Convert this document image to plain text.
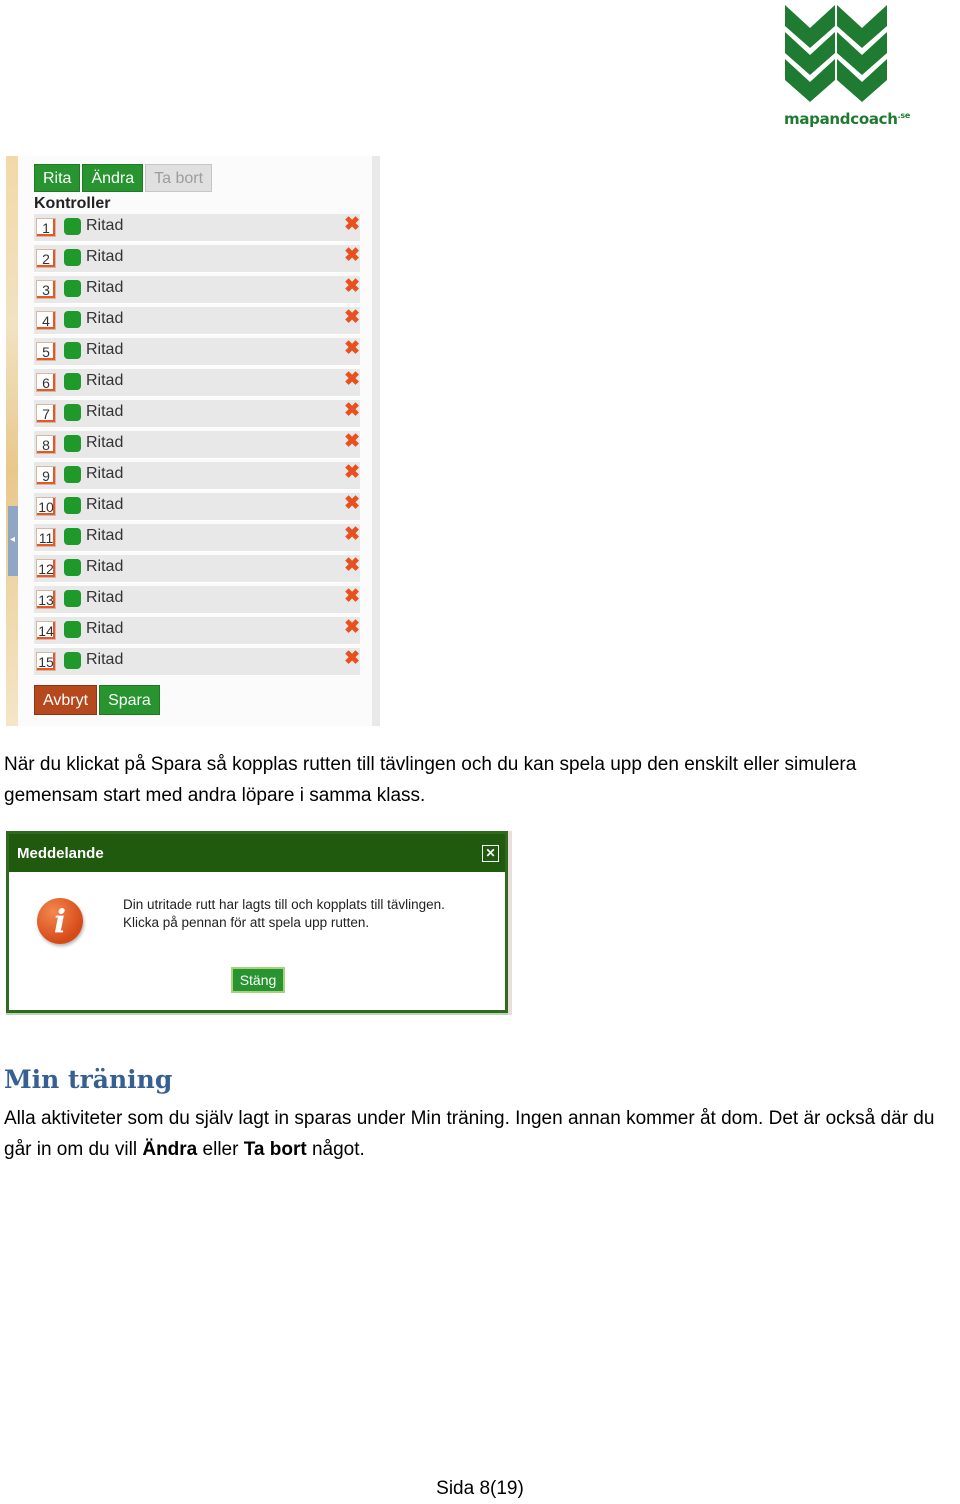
mapandcoach$^{.se}$
◂
Rita	Ändra	Ta bort
Kontroller
1	Ritad	✖
2	Ritad	✖
3	Ritad	✖
4	Ritad	✖
5	Ritad	✖
6	Ritad	✖
7	Ritad	✖
8	Ritad	✖
9	Ritad	✖
10 Ritad	✖
11 Ritad	✖
12 Ritad	✖
13 Ritad	✖
14 Ritad	✖
15 Ritad	✖
Avbryt	Spara
När du klickat på Spara så kopplas rutten till tävlingen och du kan spela upp den enskilt eller simulera gemensam start med andra löpare i samma klass.
Meddelande	✕
i	Din utritade rutt har lagts till och kopplats till tävlingen.
Klicka på pennan för att spela upp rutten.
Stäng
Min träning
Alla aktiviteter som du själv lagt in sparas under Min träning. Ingen annan kommer åt dom. Det är också där du går in om du vill Ändra eller Ta bort något.
Sida 8(19)
